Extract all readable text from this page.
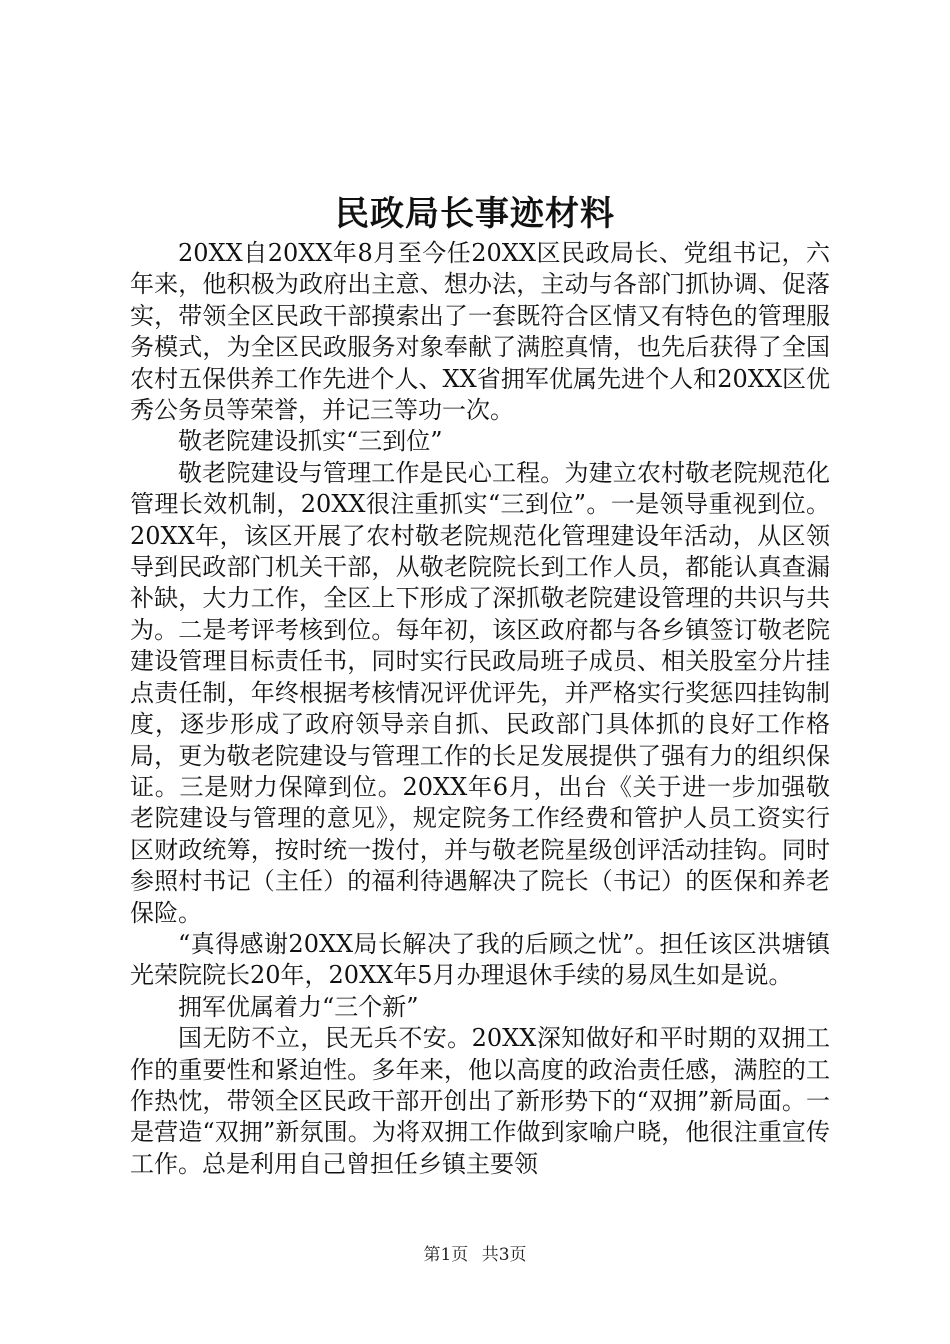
民政局长事迹材料

20XX自20XX年8月至今任20XX区民政局长、党组书记，六年来，他积极为政府出主意、想办法，主动与各部门抓协调、促落实，带领全区民政干部摸索出了一套既符合区情又有特色的管理服务模式，为全区民政服务对象奉献了满腔真情，也先后获得了全国农村五保供养工作先进个人、XX省拥军优属先进个人和20XX区优秀公务员等荣誉，并记三等功一次。

敬老院建设抓实“三到位”

敬老院建设与管理工作是民心工程。为建立农村敬老院规范化管理长效机制，20XX很注重抓实“三到位”。一是领导重视到位。20XX年，该区开展了农村敬老院规范化管理建设年活动，从区领导到民政部门机关干部，从敬老院院长到工作人员，都能认真查漏补缺，大力工作，全区上下形成了深抓敬老院建设管理的共识与共为。二是考评考核到位。每年初，该区政府都与各乡镇签订敬老院建设管理目标责任书，同时实行民政局班子成员、相关股室分片挂点责任制，年终根据考核情况评优评先，并严格实行奖惩四挂钩制度，逐步形成了政府领导亲自抓、民政部门具体抓的良好工作格局，更为敬老院建设与管理工作的长足发展提供了强有力的组织保证。三是财力保障到位。20XX年6月，出台《关于进一步加强敬老院建设与管理的意见》，规定院务工作经费和管护人员工资实行区财政统筹，按时统一拨付，并与敬老院星级创评活动挂钩。同时参照村书记（主任）的福利待遇解决了院长（书记）的医保和养老保险。

“真得感谢20XX局长解决了我的后顾之忧”。担任该区洪塘镇光荣院院长20年，20XX年5月办理退休手续的易凤生如是说。

拥军优属着力“三个新”

国无防不立，民无兵不安。20XX深知做好和平时期的双拥工作的重要性和紧迫性。多年来，他以高度的政治责任感，满腔的工作热忱，带领全区民政干部开创出了新形势下的“双拥”新局面。一是营造“双拥”新氛围。为将双拥工作做到家喻户晓，他很注重宣传工作。总是利用自己曾担任乡镇主要领

第1页 共3页
